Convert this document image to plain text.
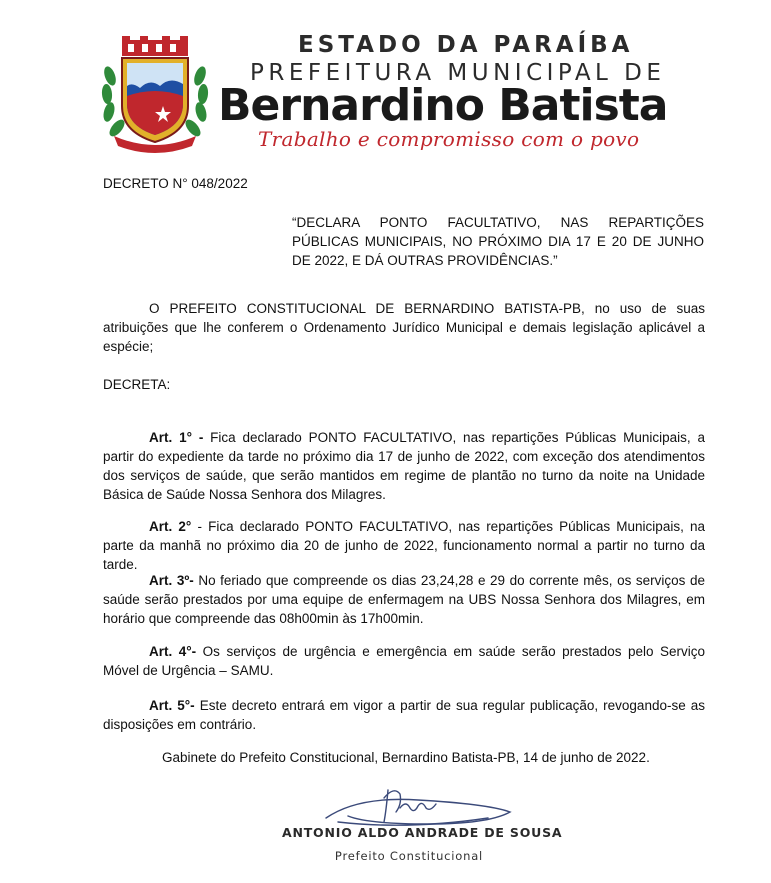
ESTADO DA PARAÍBA
PREFEITURA MUNICIPAL DE
Bernardino Batista
Trabalho e compromisso com o povo
DECRETO N° 048/2022
“DECLARA PONTO FACULTATIVO, NAS REPARTIÇÕES PÚBLICAS MUNICIPAIS, NO PRÓXIMO DIA 17 E 20 DE JUNHO DE 2022, E DÁ OUTRAS PROVIDÊNCIAS.”
O PREFEITO CONSTITUCIONAL DE BERNARDINO BATISTA-PB, no uso de suas atribuições que lhe conferem o Ordenamento Jurídico Municipal e demais legislação aplicável a espécie;
DECRETA:
Art. 1° - Fica declarado PONTO FACULTATIVO, nas repartições Públicas Municipais, a partir do expediente da tarde no próximo dia 17 de junho de 2022, com exceção dos atendimentos dos serviços de saúde, que serão mantidos em regime de plantão no turno da noite na Unidade Básica de Saúde Nossa Senhora dos Milagres.
Art. 2° - Fica declarado PONTO FACULTATIVO, nas repartições Públicas Municipais, na parte da manhã no próximo dia 20 de junho de 2022, funcionamento normal a partir no turno da tarde.
Art. 3º- No feriado que compreende os dias 23,24,28 e 29 do corrente mês, os serviços de saúde serão prestados por uma equipe de enfermagem na UBS Nossa Senhora dos Milagres, em horário que compreende das 08h00min às 17h00min.
Art. 4°- Os serviços de urgência e emergência em saúde serão prestados pelo Serviço Móvel de Urgência – SAMU.
Art. 5°- Este decreto entrará em vigor a partir de sua regular publicação, revogando-se as disposições em contrário.
Gabinete do Prefeito Constitucional, Bernardino Batista-PB, 14 de junho de 2022.
ANTONIO ALDO ANDRADE DE SOUSA
Prefeito Constitucional
